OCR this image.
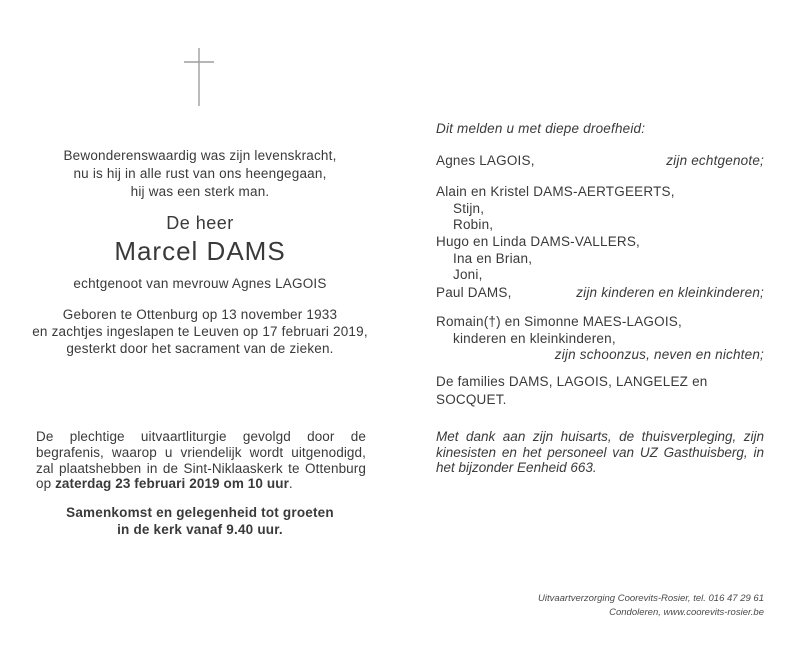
Bewonderenswaardig was zijn levenskracht,
nu is hij in alle rust van ons heengegaan,
hij was een sterk man.
De heer
Marcel DAMS
echtgenoot van mevrouw Agnes LAGOIS
Geboren te Ottenburg op 13 november 1933
en zachtjes ingeslapen te Leuven op 17 februari 2019,
gesterkt door het sacrament van de zieken.
De plechtige uitvaartliturgie gevolgd door de begrafenis, waarop u vriendelijk wordt uitgenodigd, zal plaatshebben in de Sint-Niklaaskerk te Ottenburg op zaterdag 23 februari 2019 om 10 uur.
Samenkomst en gelegenheid tot groeten
in de kerk vanaf 9.40 uur.
Dit melden u met diepe droefheid:
Agnes LAGOIS,	zijn echtgenote;
Alain en Kristel DAMS-AERTGEERTS,
Stijn,
Robin,
Hugo en Linda DAMS-VALLERS,
Ina en Brian,
Joni,
Paul DAMS,	zijn kinderen en kleinkinderen;
Romain(†) en Simonne MAES-LAGOIS,
kinderen en kleinkinderen,
zijn schoonzus, neven en nichten;
De families DAMS, LAGOIS, LANGELEZ en SOCQUET.
Met dank aan zijn huisarts, de thuisverpleging, zijn kinesisten en het personeel van UZ Gasthuisberg, in het bijzonder Eenheid 663.
Uitvaartverzorging Coorevits-Rosier, tel. 016 47 29 61
Condoleren, www.coorevits-rosier.be
